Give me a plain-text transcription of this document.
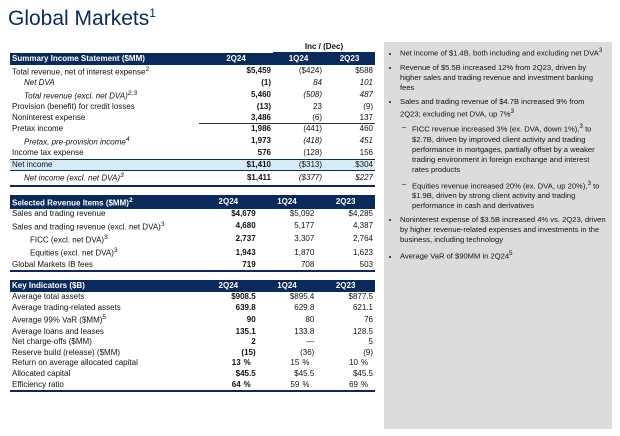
Global Markets$^1$
		Inc / (Dec)	
Summary Income Statement ($MM)	2Q24	1Q24	2Q23
Total revenue, net of interest expense$^2$	$5,459	($424)	$588
Net DVA	(1)	84	101
Total revenue (excl. net DVA)$^{2,3}$	5,460	(508)	487
Provision (benefit) for credit losses	(13)	23	(9)
Noninterest expense	3,486	(6)	137
Pretax income	1,986	(441)	460
Pretax, pre-provision income$^4$	1,973	(418)	451
Income tax expense	576	(128)	156
Net income	$1,410	($313)	$304
Net income (excl. net DVA)$^3$	$1,411	($377)	$227
Selected Revenue Items ($MM)$^2$	2Q24	1Q24	2Q23
Sales and trading revenue	$4,679	$5,092	$4,285
Sales and trading revenue (excl. net DVA)$^3$	4,680	5,177	4,387
FICC (excl. net DVA)$^3$	2,737	3,307	2,764
Equities (excl. net DVA)$^3$	1,943	1,870	1,623
Global Markets IB fees	719	708	503
Key Indicators ($B)	2Q24	1Q24	2Q23
Average total assets	$908.5	$895.4	$877.5
Average trading-related assets	639.8	629.8	621.1
Average 99% VaR ($MM)$^5$	90	80	76
Average loans and leases	135.1	133.8	128.5
Net charge-offs ($MM)	2	—	5
Reserve build (release) ($MM)	(15)	(36)	(9)
Return on average allocated capital	13 %	15 %	10 %
Allocated capital	$45.5	$45.5	$45.5
Efficiency ratio	64 %	59 %	69 %
• Net income of $1.4B, both including and excluding net DVA$^3$
• Revenue of $5.5B increased 12% from 2Q23, driven by higher sales and trading revenue and investment banking fees
• Sales and trading revenue of $4.7B increased 9% from 2Q23; excluding net DVA, up 7%$^3$
– FICC revenue increased 3% (ex. DVA, down 1%),$^3$ to $2.7B, driven by improved client activity and trading performance in mortgages, partially offset by a weaker trading environment in foreign exchange and interest rates products
– Equities revenue increased 20% (ex. DVA, up 20%),$^3$ to $1.9B, driven by strong client activity and trading performance in cash and derivatives
• Noninterest expense of $3.5B increased 4% vs. 2Q23, driven by higher revenue-related expenses and investments in the business, including technology
• Average VaR of $90MM in $2Q24^5$
